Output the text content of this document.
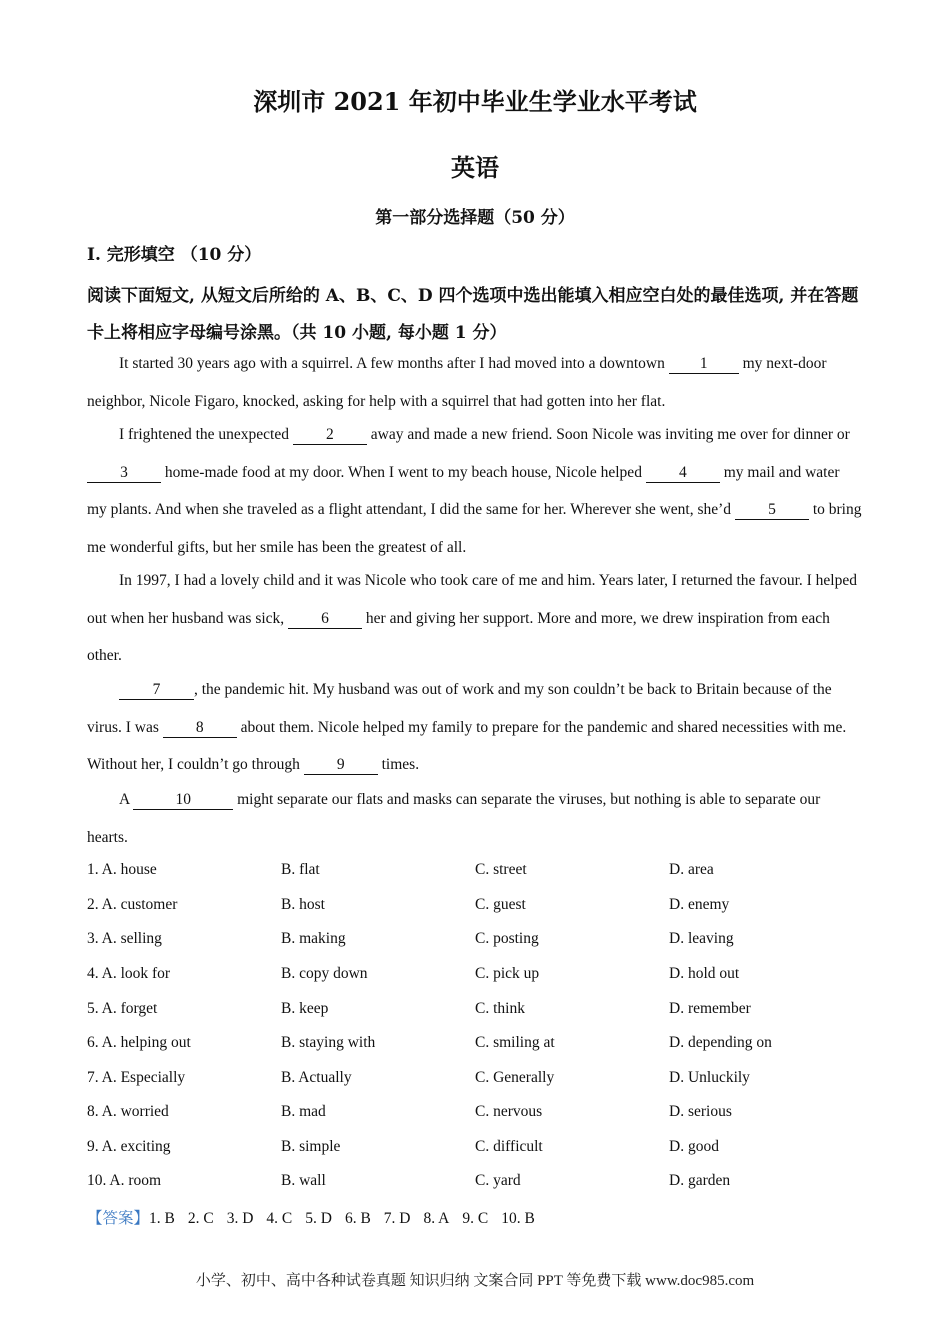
深圳市 2021 年初中毕业生学业水平考试
英语
第一部分选择题（50 分）
I. 完形填空 （10 分）
阅读下面短文, 从短文后所给的 A、B、C、D 四个选项中选出能填入相应空白处的最佳选项, 并在答题卡上将相应字母编号涂黑。（共 10 小题, 每小题 1 分）
It started 30 years ago with a squirrel. A few months after I had moved into a downtown 1 my next-door neighbor, Nicole Figaro, knocked, asking for help with a squirrel that had gotten into her flat.
I frightened the unexpected 2 away and made a new friend. Soon Nicole was inviting me over for dinner or 3 home-made food at my door. When I went to my beach house, Nicole helped 4 my mail and water my plants. And when she traveled as a flight attendant, I did the same for her. Wherever she went, she’d 5 to bring me wonderful gifts, but her smile has been the greatest of all.
In 1997, I had a lovely child and it was Nicole who took care of me and him. Years later, I returned the favour. I helped out when her husband was sick, 6 her and giving her support. More and more, we drew inspiration from each other.
7 , the pandemic hit. My husband was out of work and my son couldn’t be back to Britain because of the virus. I was 8 about them. Nicole helped my family to prepare for the pandemic and shared necessities with me. Without her, I couldn’t go through 9 times.
A	10	might separate our flats and masks can separate the viruses, but nothing is able to separate our hearts.
1. A. house	B. flat	C. street	D. area
2. A. customer	B. host	C. guest	D. enemy
3. A. selling	B. making	C. posting	D. leaving
4. A. look for	B. copy down	C. pick up	D. hold out
5. A. forget	B. keep	C. think	D. remember
6. A. helping out	B. staying with	C. smiling at	D. depending on
7. A. Especially	B. Actually	C. Generally	D. Unluckily
8. A. worried	B. mad	C. nervous	D. serious
9. A. exciting	B. simple	C. difficult	D. good
10. A. room	B. wall	C. yard	D. garden
【答案】1. B 2. C 3. D 4. C 5. D 6. B 7. D 8. A 9. C 10. B
小学、初中、高中各种试卷真题 知识归纳 文案合同 PPT 等免费下载 www.doc985.com
